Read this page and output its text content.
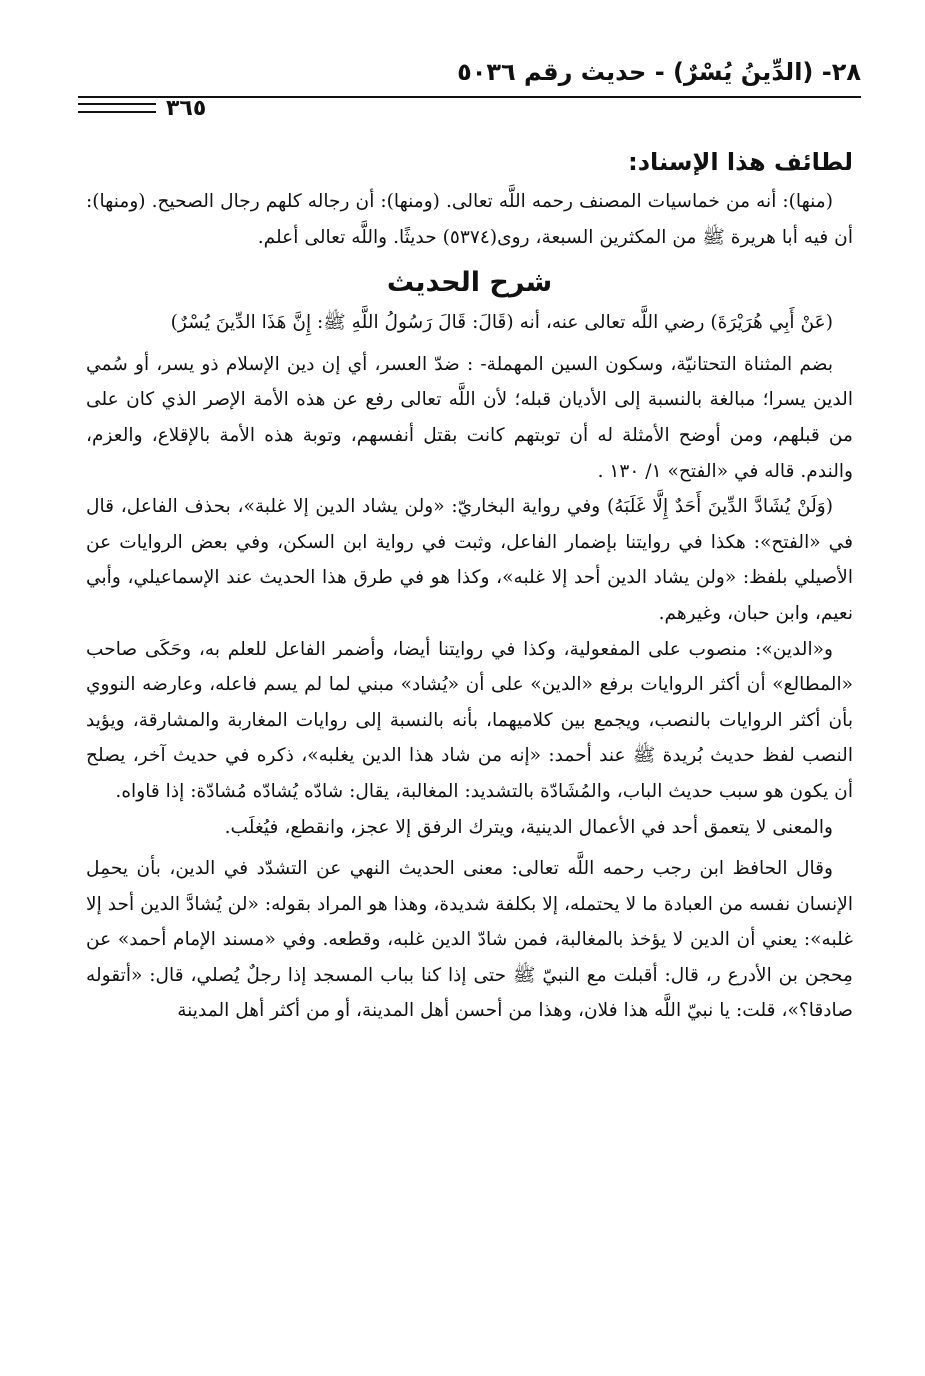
٢٨- (الدِّينُ يُسْرٌ) - حديث رقم ٥٠٣٦
٣٦٥
لطائف هذا الإسناد:

(منها): أنه من خماسيات المصنف رحمه اللَّه تعالى. (ومنها): أن رجاله كلهم رجال الصحيح. (ومنها): أن فيه أبا هريرة ﷺ من المكثرين السبعة، روى(٥٣٧٤) حديثًا. واللَّه تعالى أعلم.

شرح الحديث

(عَنْ أَبِي هُرَيْرَةَ) رضي اللَّه تعالى عنه، أنه (قَالَ: قَالَ رَسُولُ اللَّهِ ﷺ: إِنَّ هَذَا الدِّينَ يُسْرٌ)

بضم المثناة التحتانيّة، وسكون السين المهملة- : ضدّ العسر، أي إن دين الإسلام ذو يسر، أو سُمي الدين يسرا؛ مبالغة بالنسبة إلى الأديان قبله؛ لأن اللَّه تعالى رفع عن هذه الأمة الإصر الذي كان على من قبلهم، ومن أوضح الأمثلة له أن توبتهم كانت بقتل أنفسهم، وتوبة هذه الأمة بالإقلاع، والعزم، والندم. قاله في «الفتح» ١/ ١٣٠ .

(وَلَنْ يُشَادَّ الدِّينَ أَحَدٌ إِلَّا غَلَبَهُ) وفي رواية البخاريّ: «ولن يشاد الدين إلا غلبة»، بحذف الفاعل، قال في «الفتح»: هكذا في روايتنا بإضمار الفاعل، وثبت في رواية ابن السكن، وفي بعض الروايات عن الأصيلي بلفظ: «ولن يشاد الدين أحد إلا غلبه»، وكذا هو في طرق هذا الحديث عند الإسماعيلي، وأبي نعيم، وابن حبان، وغيرهم.

و«الدين»: منصوب على المفعولية، وكذا في روايتنا أيضا، وأضمر الفاعل للعلم به، وحَكَى صاحب «المطالع» أن أكثر الروايات برفع «الدين» على أن «يُشاد» مبني لما لم يسم فاعله، وعارضه النووي بأن أكثر الروايات بالنصب، ويجمع بين كلاميهما، بأنه بالنسبة إلى روايات المغاربة والمشارقة، ويؤيد النصب لفظ حديث بُريدة ﷺ عند أحمد: «إنه من شاد هذا الدين يغلبه»، ذكره في حديث آخر، يصلح أن يكون هو سبب حديث الباب، والمُشَادّة بالتشديد: المغالبة، يقال: شادّه يُشادّه مُشادّة: إذا قاواه.

والمعنى لا يتعمق أحد في الأعمال الدينية، ويترك الرفق إلا عجز، وانقطع، فيُغلَب.

وقال الحافظ ابن رجب رحمه اللَّه تعالى: معنى الحديث النهي عن التشدّد في الدين، بأن يحمِل الإنسان نفسه من العبادة ما لا يحتمله، إلا بكلفة شديدة، وهذا هو المراد بقوله: «لن يُشادَّ الدين أحد إلا غلبه»: يعني أن الدين لا يؤخذ بالمغالبة، فمن شادّ الدين غلبه، وقطعه. وفي «مسند الإمام أحمد» عن مِحجن بن الأدرع ر، قال: أقبلت مع النبيّ ﷺ حتى إذا كنا بباب المسجد إذا رجلٌ يُصلي، قال: «أتقوله صادقا؟»، قلت: يا نبيّ اللَّه هذا فلان، وهذا من أحسن أهل المدينة، أو من أكثر أهل المدينة
